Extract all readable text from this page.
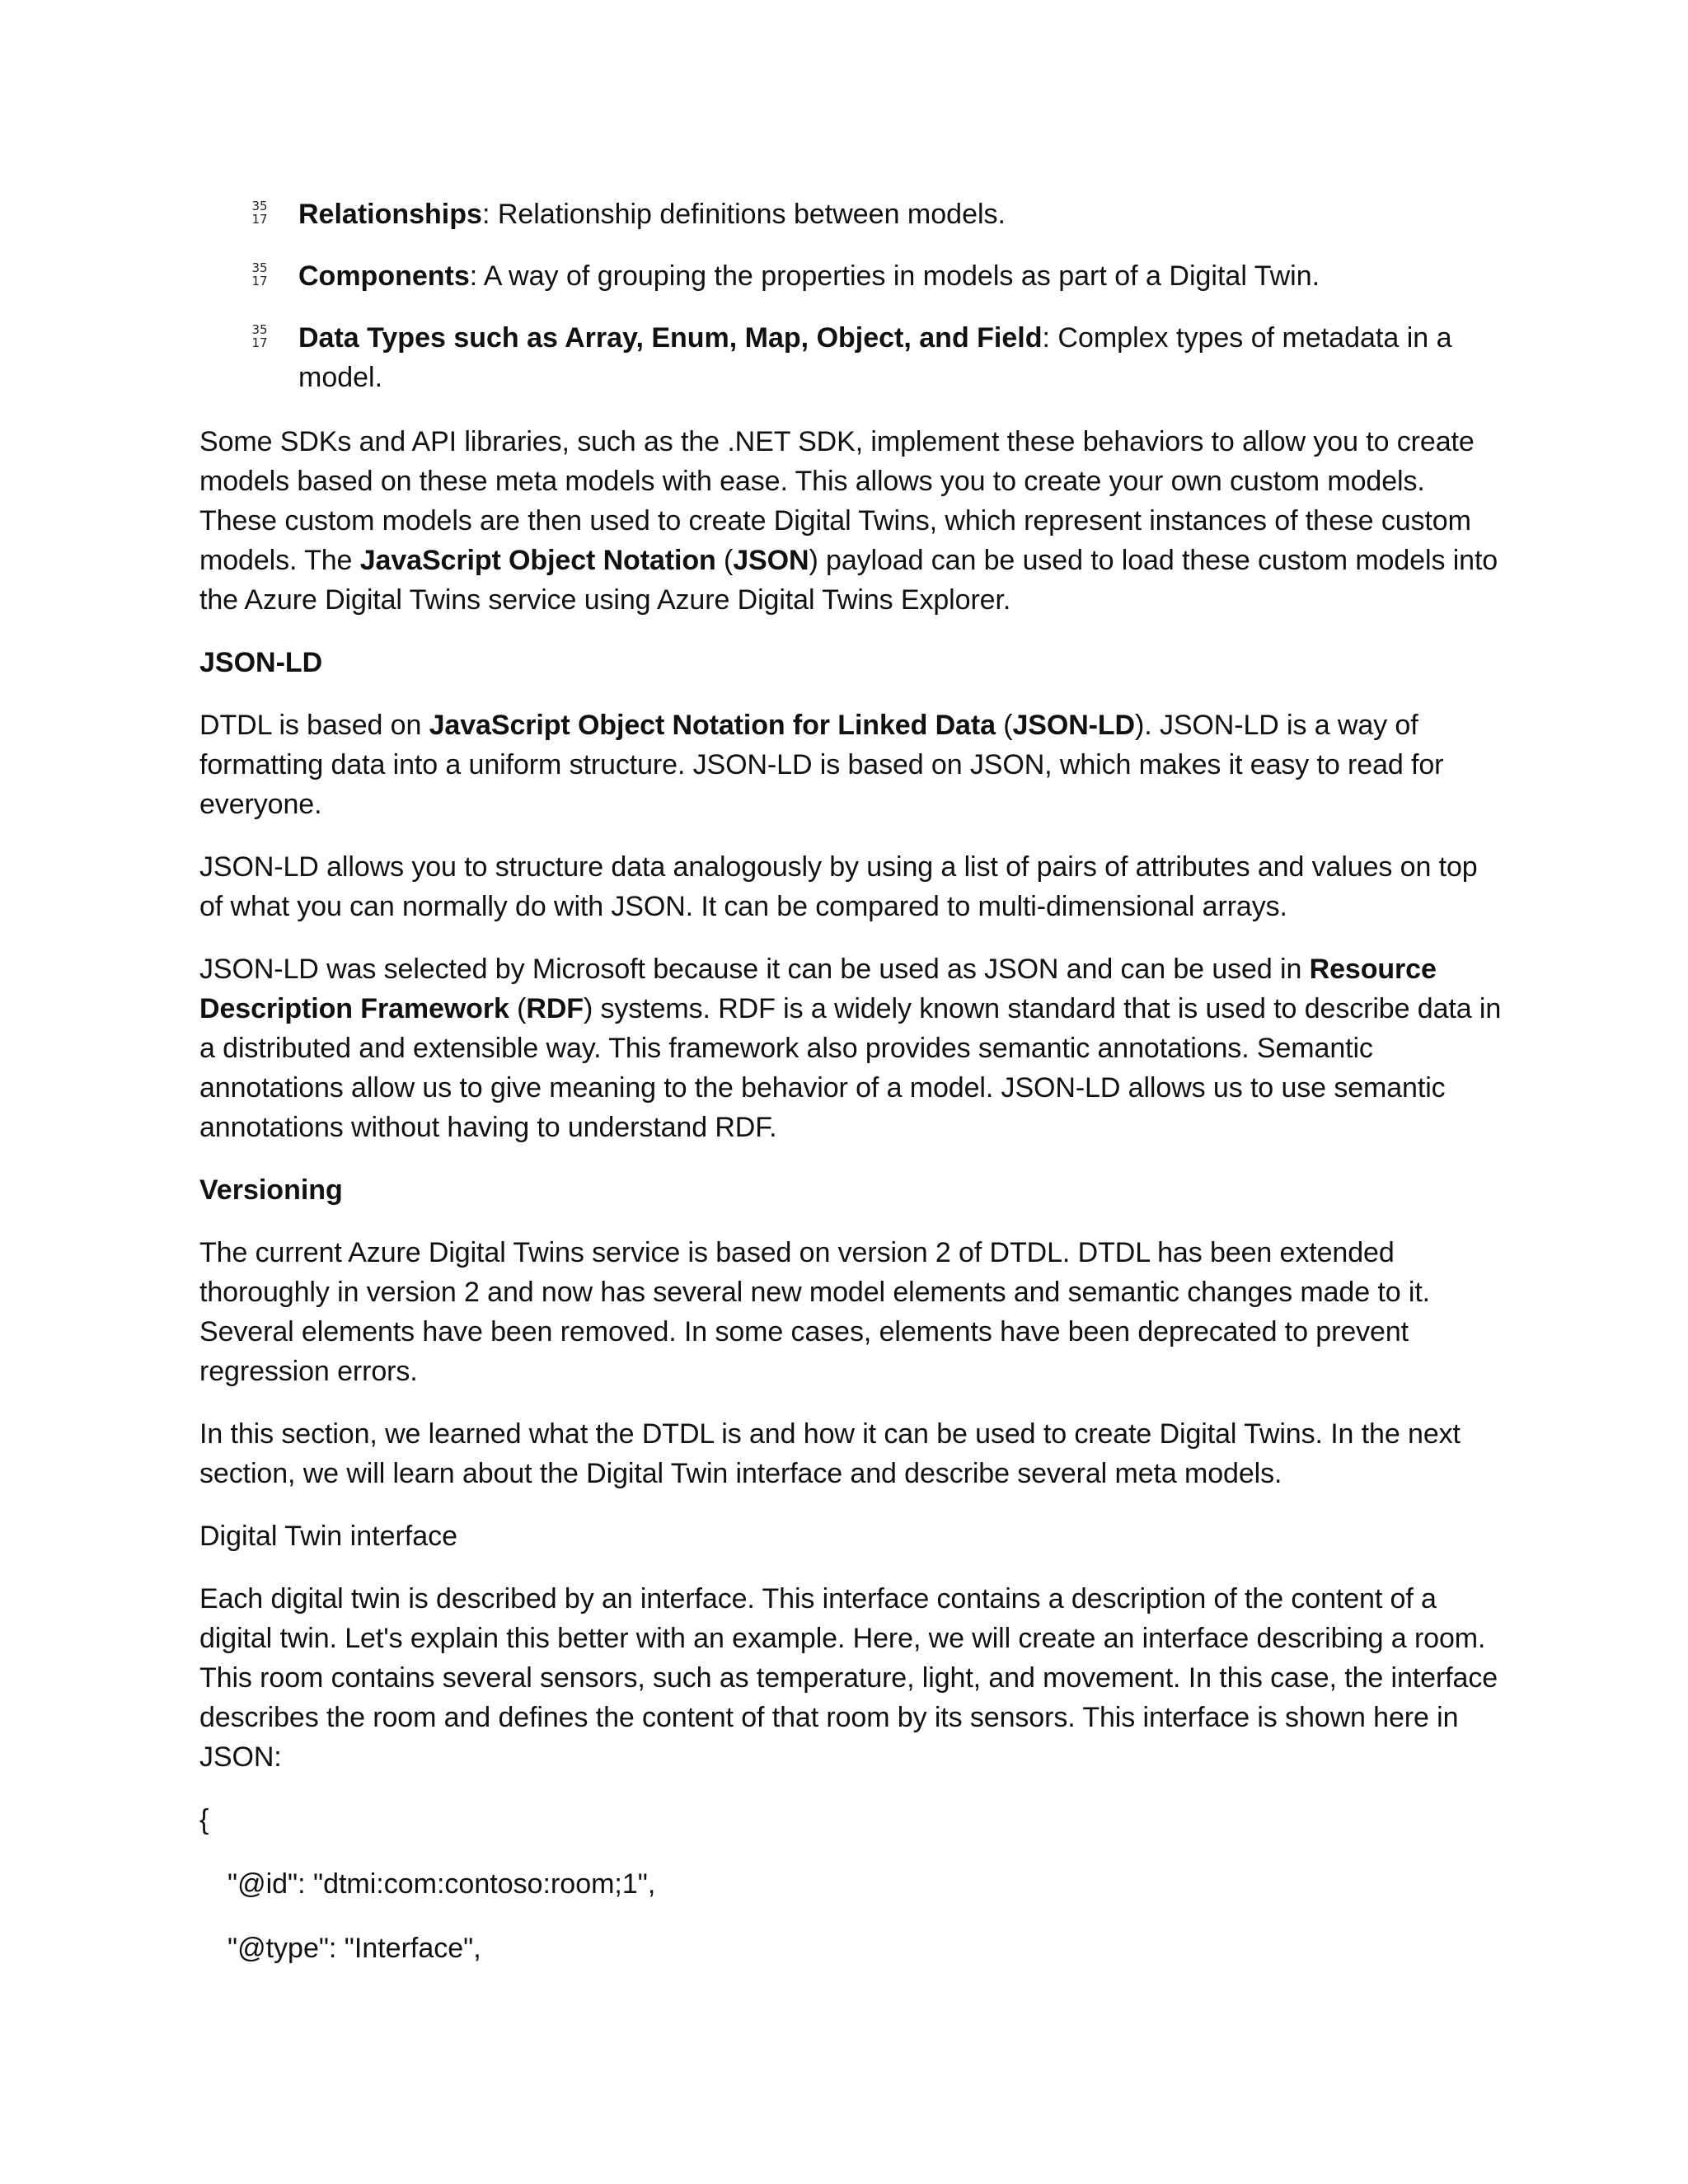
35
17 Relationships: Relationship definitions between models.
35
17 Components: A way of grouping the properties in models as part of a Digital Twin.
35
17 Data Types such as Array, Enum, Map, Object, and Field: Complex types of metadata in a model.

Some SDKs and API libraries, such as the .NET SDK, implement these behaviors to allow you to create models based on these meta models with ease. This allows you to create your own custom models. These custom models are then used to create Digital Twins, which represent instances of these custom models. The JavaScript Object Notation (JSON) payload can be used to load these custom models into the Azure Digital Twins service using Azure Digital Twins Explorer.

JSON-LD

DTDL is based on JavaScript Object Notation for Linked Data (JSON-LD). JSON-LD is a way of formatting data into a uniform structure. JSON-LD is based on JSON, which makes it easy to read for everyone.

JSON-LD allows you to structure data analogously by using a list of pairs of attributes and values on top of what you can normally do with JSON. It can be compared to multi-dimensional arrays.

JSON-LD was selected by Microsoft because it can be used as JSON and can be used in Resource Description Framework (RDF) systems. RDF is a widely known standard that is used to describe data in a distributed and extensible way. This framework also provides semantic annotations. Semantic annotations allow us to give meaning to the behavior of a model. JSON-LD allows us to use semantic annotations without having to understand RDF.

Versioning

The current Azure Digital Twins service is based on version 2 of DTDL. DTDL has been extended thoroughly in version 2 and now has several new model elements and semantic changes made to it. Several elements have been removed. In some cases, elements have been deprecated to prevent regression errors.

In this section, we learned what the DTDL is and how it can be used to create Digital Twins. In the next section, we will learn about the Digital Twin interface and describe several meta models.

Digital Twin interface

Each digital twin is described by an interface. This interface contains a description of the content of a digital twin. Let's explain this better with an example. Here, we will create an interface describing a room. This room contains several sensors, such as temperature, light, and movement. In this case, the interface describes the room and defines the content of that room by its sensors. This interface is shown here in JSON:

{
"@id": "dtmi:com:contoso:room;1",
"@type": "Interface",
